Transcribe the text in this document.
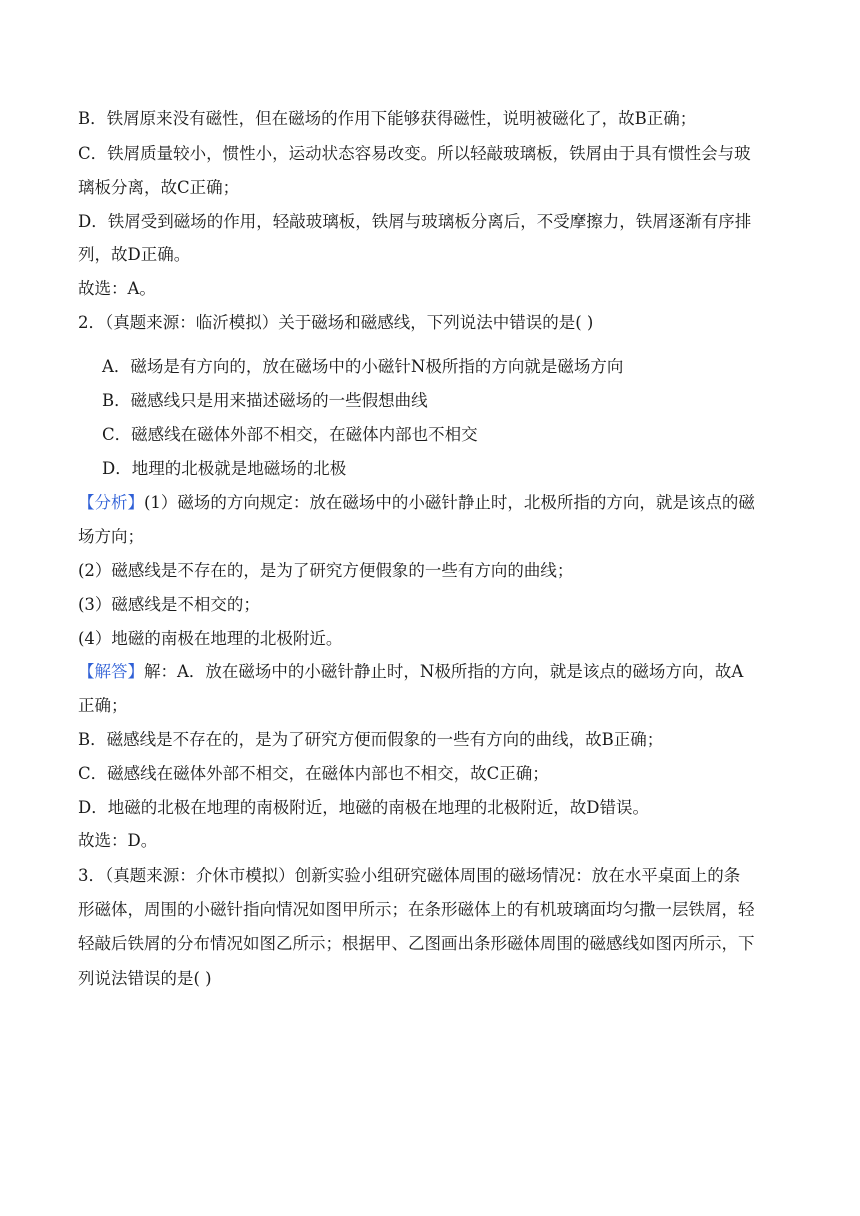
B．铁屑原来没有磁性，但在磁场的作用下能够获得磁性，说明被磁化了，故B正确；
C．铁屑质量较小，惯性小，运动状态容易改变。所以轻敲玻璃板，铁屑由于具有惯性会与玻
璃板分离，故C正确；
D．铁屑受到磁场的作用，轻敲玻璃板，铁屑与玻璃板分离后，不受摩擦力，铁屑逐渐有序排
列，故D正确。
故选：A。
2．（真题来源：临沂模拟）关于磁场和磁感线，下列说法中错误的是( )
A．磁场是有方向的，放在磁场中的小磁针N极所指的方向就是磁场方向
B．磁感线只是用来描述磁场的一些假想曲线
C．磁感线在磁体外部不相交，在磁体内部也不相交
D．地理的北极就是地磁场的北极
【分析】(1）磁场的方向规定：放在磁场中的小磁针静止时，北极所指的方向，就是该点的磁
场方向；
(2）磁感线是不存在的，是为了研究方便假象的一些有方向的曲线；
(3）磁感线是不相交的；
(4）地磁的南极在地理的北极附近。
【解答】解：A．放在磁场中的小磁针静止时，N极所指的方向，就是该点的磁场方向，故A
正确；
B．磁感线是不存在的，是为了研究方便而假象的一些有方向的曲线，故B正确；
C．磁感线在磁体外部不相交，在磁体内部也不相交，故C正确；
D．地磁的北极在地理的南极附近，地磁的南极在地理的北极附近，故D错误。
故选：D。
3．（真题来源：介休市模拟）创新实验小组研究磁体周围的磁场情况：放在水平桌面上的条
形磁体，周围的小磁针指向情况如图甲所示；在条形磁体上的有机玻璃面均匀撒一层铁屑，轻
轻敲后铁屑的分布情况如图乙所示；根据甲、乙图画出条形磁体周围的磁感线如图丙所示，下
列说法错误的是( )
